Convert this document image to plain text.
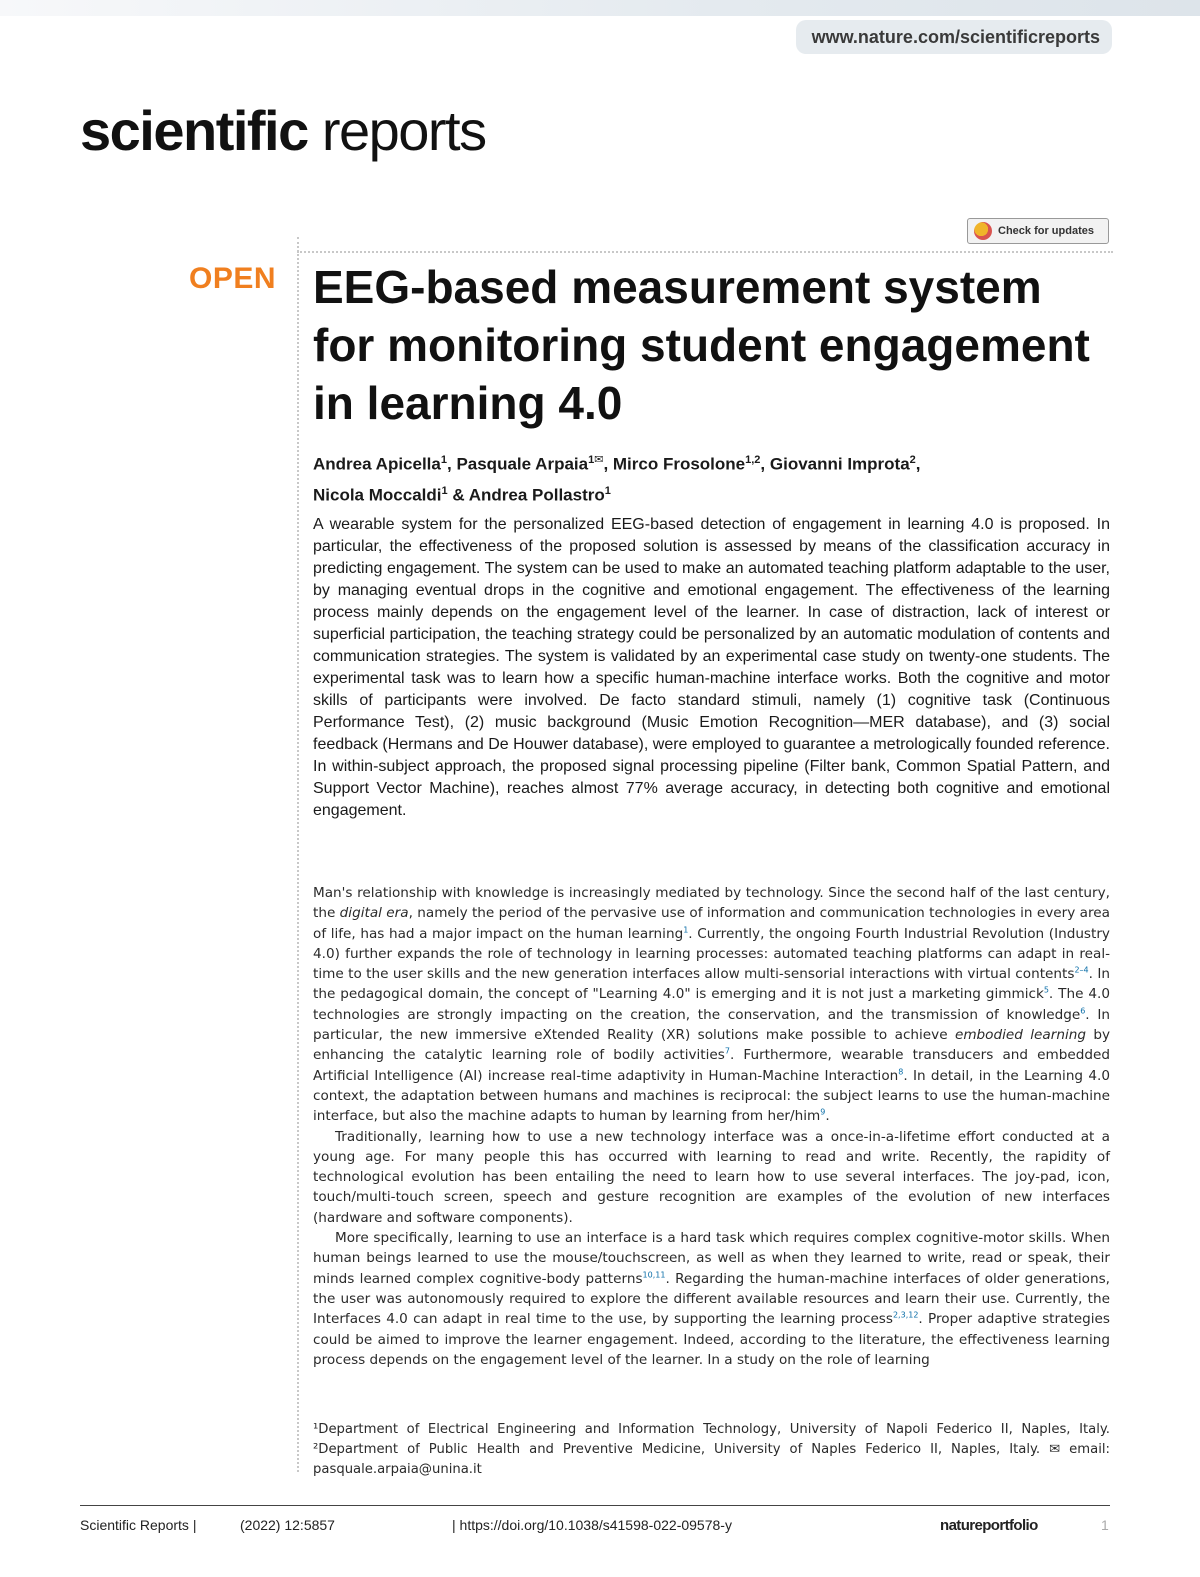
www.nature.com/scientificreports
scientific reports
Check for updates
OPEN EEG-based measurement system for monitoring student engagement in learning 4.0
Andrea Apicella$^1$, Pasquale Arpaia$^{1✉}$, Mirco Frosolone$^{1,2}$, Giovanni Improta$^2$,
Nicola Moccaldi$^1$ & Andrea Pollastro$^1$

A wearable system for the personalized EEG-based detection of engagement in learning 4.0 is proposed. In particular, the effectiveness of the proposed solution is assessed by means of the classification accuracy in predicting engagement. The system can be used to make an automated teaching platform adaptable to the user, by managing eventual drops in the cognitive and emotional engagement. The effectiveness of the learning process mainly depends on the engagement level of the learner. In case of distraction, lack of interest or superficial participation, the teaching strategy could be personalized by an automatic modulation of contents and communication strategies. The system is validated by an experimental case study on twenty-one students. The experimental task was to learn how a specific human-machine interface works. Both the cognitive and motor skills of participants were involved. De facto standard stimuli, namely (1) cognitive task (Continuous Performance Test), (2) music background (Music Emotion Recognition—MER database), and (3) social feedback (Hermans and De Houwer database), were employed to guarantee a metrologically founded reference. In within-subject approach, the proposed signal processing pipeline (Filter bank, Common Spatial Pattern, and Support Vector Machine), reaches almost 77% average accuracy, in detecting both cognitive and emotional engagement.

Man's relationship with knowledge is increasingly mediated by technology. Since the second half of the last century, the digital era, namely the period of the pervasive use of information and communication technologies in every area of life, has had a major impact on the human learning$^1$. Currently, the ongoing Fourth Industrial Revolution (Industry 4.0) further expands the role of technology in learning processes: automated teaching platforms can adapt in real-time to the user skills and the new generation interfaces allow multi-sensorial interactions with virtual contents$^{2-4}$. In the pedagogical domain, the concept of "Learning 4.0" is emerging and it is not just a marketing gimmick$^5$. The 4.0 technologies are strongly impacting on the creation, the conservation, and the transmission of knowledge$^6$. In particular, the new immersive eXtended Reality (XR) solutions make possible to achieve embodied learning by enhancing the catalytic learning role of bodily activities$^7$. Furthermore, wearable transducers and embedded Artificial Intelligence (AI) increase real-time adaptivity in Human-Machine Interaction$^8$. In detail, in the Learning 4.0 context, the adaptation between humans and machines is reciprocal: the subject learns to use the human-machine interface, but also the machine adapts to human by learning from her/him$^9$.

Traditionally, learning how to use a new technology interface was a once-in-a-lifetime effort conducted at a young age. For many people this has occurred with learning to read and write. Recently, the rapidity of technological evolution has been entailing the need to learn how to use several interfaces. The joy-pad, icon, touch/multi-touch screen, speech and gesture recognition are examples of the evolution of new interfaces (hardware and software components).

More specifically, learning to use an interface is a hard task which requires complex cognitive-motor skills. When human beings learned to use the mouse/touchscreen, as well as when they learned to write, read or speak, their minds learned complex cognitive-body patterns$^{10,11}$. Regarding the human-machine interfaces of older generations, the user was autonomously required to explore the different available resources and learn their use. Currently, the Interfaces 4.0 can adapt in real time to the use, by supporting the learning process$^{2,3,12}$. Proper adaptive strategies could be aimed to improve the learner engagement. Indeed, according to the literature, the effectiveness learning process depends on the engagement level of the learner. In a study on the role of learning

¹Department of Electrical Engineering and Information Technology, University of Napoli Federico II, Naples, Italy. ²Department of Public Health and Preventive Medicine, University of Naples Federico II, Naples, Italy. ✉ email: pasquale.arpaia@unina.it

Scientific Reports |	(2022) 12:5857	| https://doi.org/10.1038/s41598-022-09578-y	natureportfolio	1
